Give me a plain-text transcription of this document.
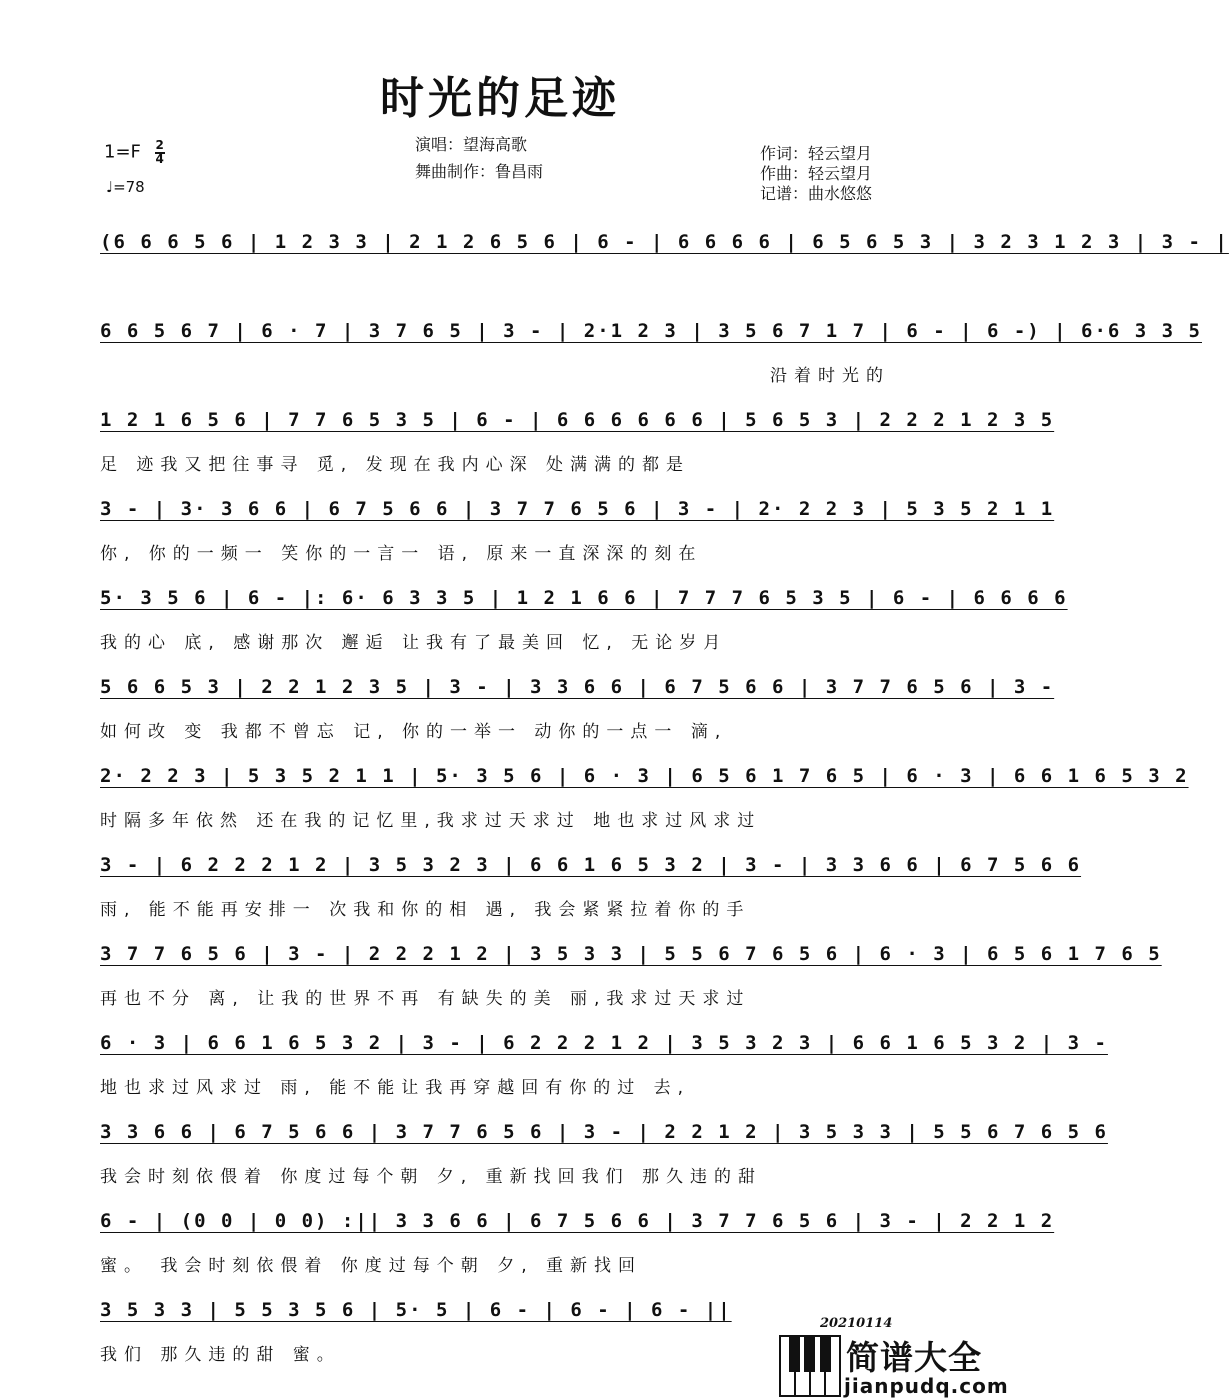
时光的足迹
演唱：望海高歌
舞曲制作：鲁昌雨
作词：轻云望月
作曲：轻云望月
记谱：曲水悠悠
$1=F \frac{2}{4}$
♩=78
(6 6 6 5 6 | 1 2 3 3 | 2 1 2 6 5 6 | 6 - | 6 6 6 6 | 6 5 6 5 3 | 3 2 3 1 2 3 | 3 - |
6 6 5 6 7 | 6 · 7 | 3 7 6 5 | 3 - | 2·1 2 3 | 3 5 6 7 1 7 | 6 - | 6 -) | 6·6 3 3 5
沿着时光的
1 2 1 6 5 6 | 7 7 6 5 3 5 | 6 - | 6 6 6 6 6 6 | 5 6 5 3 | 2 2 2 1 2 3 5
足 迹我又把往事寻 觅, 发现在我内心深 处满满的都是
3 - | 3· 3 6 6 | 6 7 5 6 6 | 3 7 7 6 5 6 | 3 - | 2· 2 2 3 | 5 3 5 2 1 1
你, 你的一频一 笑你的一言一 语, 原来一直深深的刻在
5· 3 5 6 | 6 - |: 6· 6 3 3 5 | 1 2 1 6 6 | 7 7 7 6 5 3 5 | 6 - | 6 6 6 6
我的心 底, 感谢那次 邂逅 让我有了最美回 忆, 无论岁月
5 6 6 5 3 | 2 2 1 2 3 5 | 3 - | 3 3 6 6 | 6 7 5 6 6 | 3 7 7 6 5 6 | 3 -
如何改 变 我都不曾忘 记, 你的一举一 动你的一点一 滴,
2· 2 2 3 | 5 3 5 2 1 1 | 5· 3 5 6 | 6 · 3 | 6 5 6 1 7 6 5 | 6 · 3 | 6 6 1 6 5 3 2
时隔多年依然 还在我的记忆里,我求过天求过 地也求过风求过
3 - | 6 2 2 2 1 2 | 3 5 3 2 3 | 6 6 1 6 5 3 2 | 3 - | 3 3 6 6 | 6 7 5 6 6
雨, 能不能再安排一 次我和你的相 遇, 我会紧紧拉着你的手
3 7 7 6 5 6 | 3 - | 2 2 2 1 2 | 3 5 3 3 | 5 5 6 7 6 5 6 | 6 · 3 | 6 5 6 1 7 6 5
再也不分 离, 让我的世界不再 有缺失的美 丽,我求过天求过
6 · 3 | 6 6 1 6 5 3 2 | 3 - | 6 2 2 2 1 2 | 3 5 3 2 3 | 6 6 1 6 5 3 2 | 3 -
地也求过风求过 雨, 能不能让我再穿越回有你的过 去,
3 3 6 6 | 6 7 5 6 6 | 3 7 7 6 5 6 | 3 - | 2 2 1 2 | 3 5 3 3 | 5 5 6 7 6 5 6
我会时刻依偎着 你度过每个朝 夕, 重新找回我们 那久违的甜
6 - | (0 0 | 0 0) :|| 3 3 6 6 | 6 7 5 6 6 | 3 7 7 6 5 6 | 3 - | 2 2 1 2
蜜。 我会时刻依偎着 你度过每个朝 夕, 重新找回
3 5 3 3 | 5 5 3 5 6 | 5· 5 | 6 - | 6 - | 6 - ||
我们 那久违的甜 蜜。
20210114
简谱大全
jianpudq.com
